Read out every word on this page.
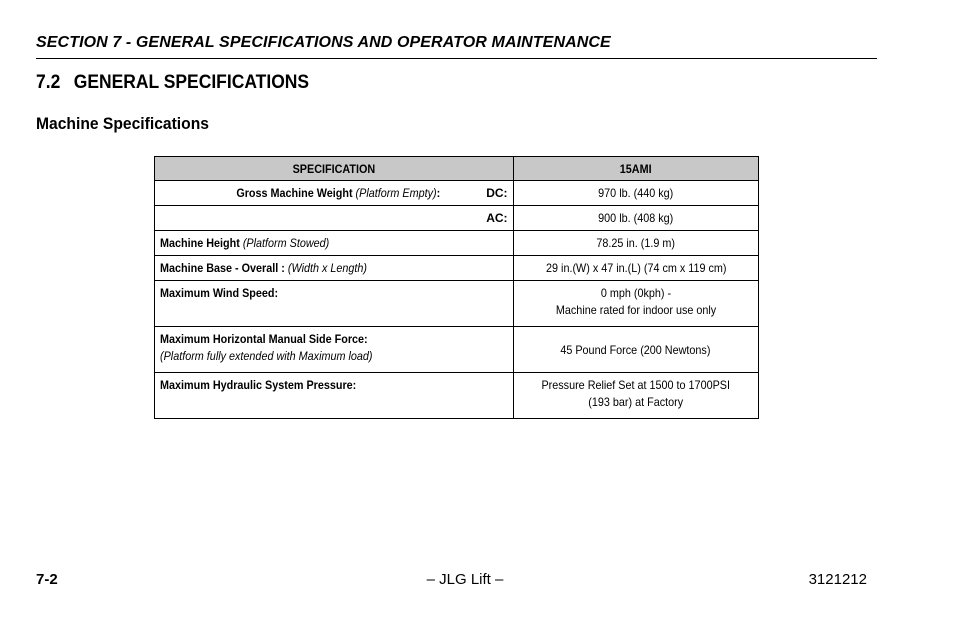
SECTION 7 - GENERAL SPECIFICATIONS AND OPERATOR MAINTENANCE
7.2 GENERAL SPECIFICATIONS
Machine Specifications
SPECIFICATION	15AMI

Gross Machine Weight (Platform Empty): DC:	970 lb. (440 kg)
AC:	900 lb. (408 kg)
Machine Height (Platform Stowed)	78.25 in. (1.9 m)
Machine Base - Overall : (Width x Length)	29 in.(W) x 47 in.(L) (74 cm x 119 cm)
Maximum Wind Speed:	0 mph (0kph) -
Machine rated for indoor use only
Maximum Horizontal Manual Side Force:
(Platform fully extended with Maximum load)	45 Pound Force (200 Newtons)
Maximum Hydraulic System Pressure:	Pressure Relief Set at 1500 to 1700PSI
(193 bar) at Factory
7-2	– JLG Lift –	3121212
